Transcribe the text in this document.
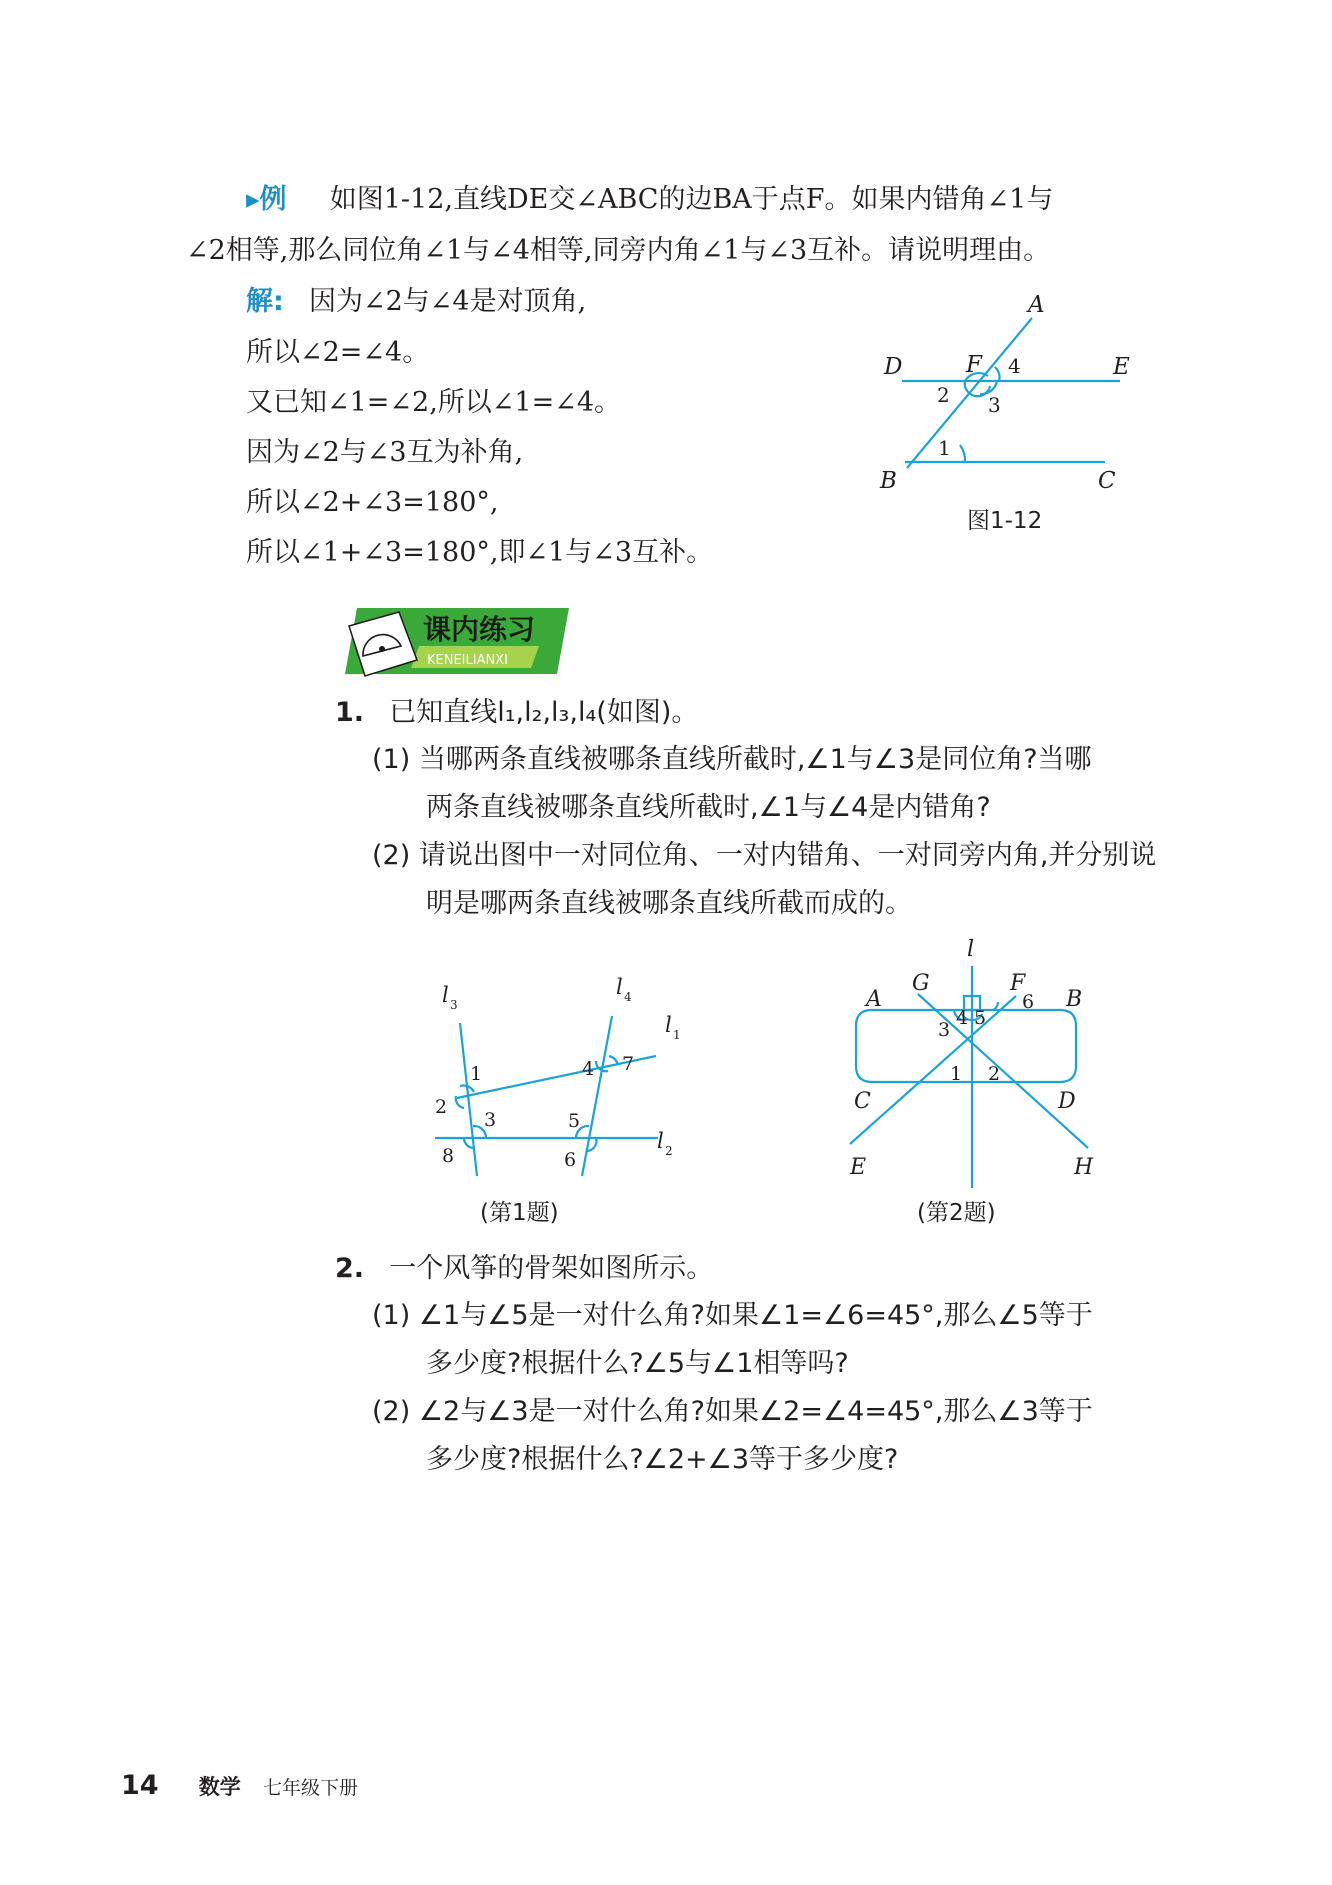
▸例 如图1-12,直线DE交∠ABC的边BA于点F。如果内错角∠1与
∠2相等,那么同位角∠1与∠4相等,同旁内角∠1与∠3互补。请说明理由。
解: 因为∠2与∠4是对顶角,
所以∠2=∠4。
又已知∠1=∠2,所以∠1=∠4。
因为∠2与∠3互为补角,
所以∠2+∠3=180°,
所以∠1+∠3=180°,即∠1与∠3互补。
A
D	F 4	E
2 3
1
B	C
图1-12
课内练习
KENEILIANXI
1. 已知直线l₁,l₂,l₃,l₄(如图)。
(1) 当哪两条直线被哪条直线所截时,∠1与∠3是同位角?当哪
两条直线被哪条直线所截时,∠1与∠4是内错角?
(2) 请说出图中一对同位角、一对内错角、一对同旁内角,并分别说
明是哪两条直线被哪条直线所截而成的。
l 3
l 4
l 1
l 2
1
2
3
4
5
6
7
8
(第1题)
l
G	F
A	B
6
3
4 5
1 2
C	D
E	H
(第2题)
2. 一个风筝的骨架如图所示。
(1) ∠1与∠5是一对什么角?如果∠1=∠6=45°,那么∠5等于
多少度?根据什么?∠5与∠1相等吗?
(2) ∠2与∠3是一对什么角?如果∠2=∠4=45°,那么∠3等于
多少度?根据什么?∠2+∠3等于多少度?
14 数学 七年级下册
